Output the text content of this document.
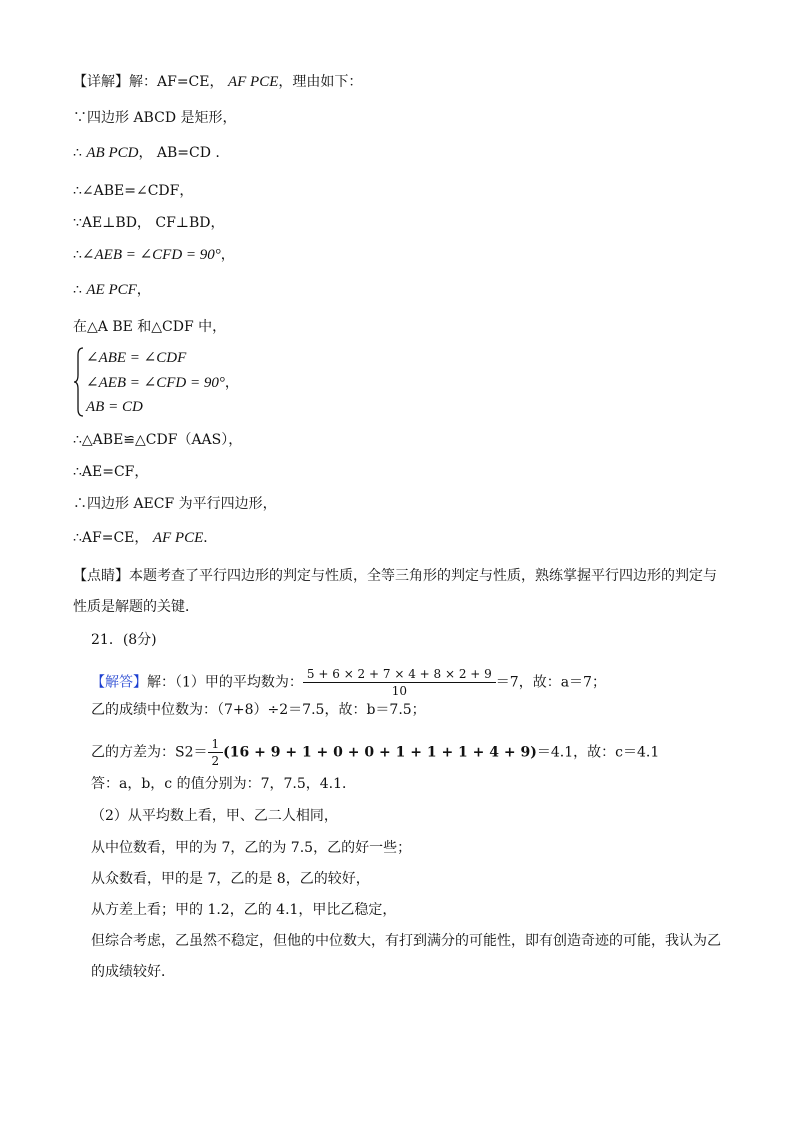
【详解】解：AF=CE， AF PCE，理由如下：
∵四边形 ABCD 是矩形，
∴ AB PCD， AB=CD .
∴∠ABE=∠CDF，
∵AE⊥BD， CF⊥BD，
∴∠AEB = ∠CFD = 90°，
∴ AE PCF，
在△A BE 和△CDF 中，
∠ABE = ∠CDF
∠AEB = ∠CFD = 90°，
AB = CD
∴△ABE≌△CDF（AAS），
∴AE=CF，
∴四边形 AECF 为平行四边形，
∴AF=CE， AF PCE．
【点睛】本题考查了平行四边形的判定与性质，全等三角形的判定与性质，熟练掌握平行四边形的判定与
性质是解题的关键．
21．(8分)
【解答】解：（1）甲的平均数为： $\frac{5 + 6 \times 2 + 7 \times 4 + 8 \times 2 + 9}{10} =7$，故：a＝7；
乙的成绩中位数为：（7+8）÷2＝7.5，故：b＝7.5；
乙的方差为：$S2= \frac{1}{2} (16 + 9 + 1 + 0 + 0 + 1 + 1 + 1 + 4 + 9)=4.1$，故：c＝4.1
答：a，b，c 的值分别为：7，7.5，4.1．
（2）从平均数上看，甲、乙二人相同，
从中位数看，甲的为 7，乙的为 7.5，乙的好一些；
从众数看，甲的是 7，乙的是 8，乙的较好，
从方差上看；甲的 1.2，乙的 4.1，甲比乙稳定，
但综合考虑，乙虽然不稳定，但他的中位数大，有打到满分的可能性，即有创造奇迹的可能，我认为乙
的成绩较好．
